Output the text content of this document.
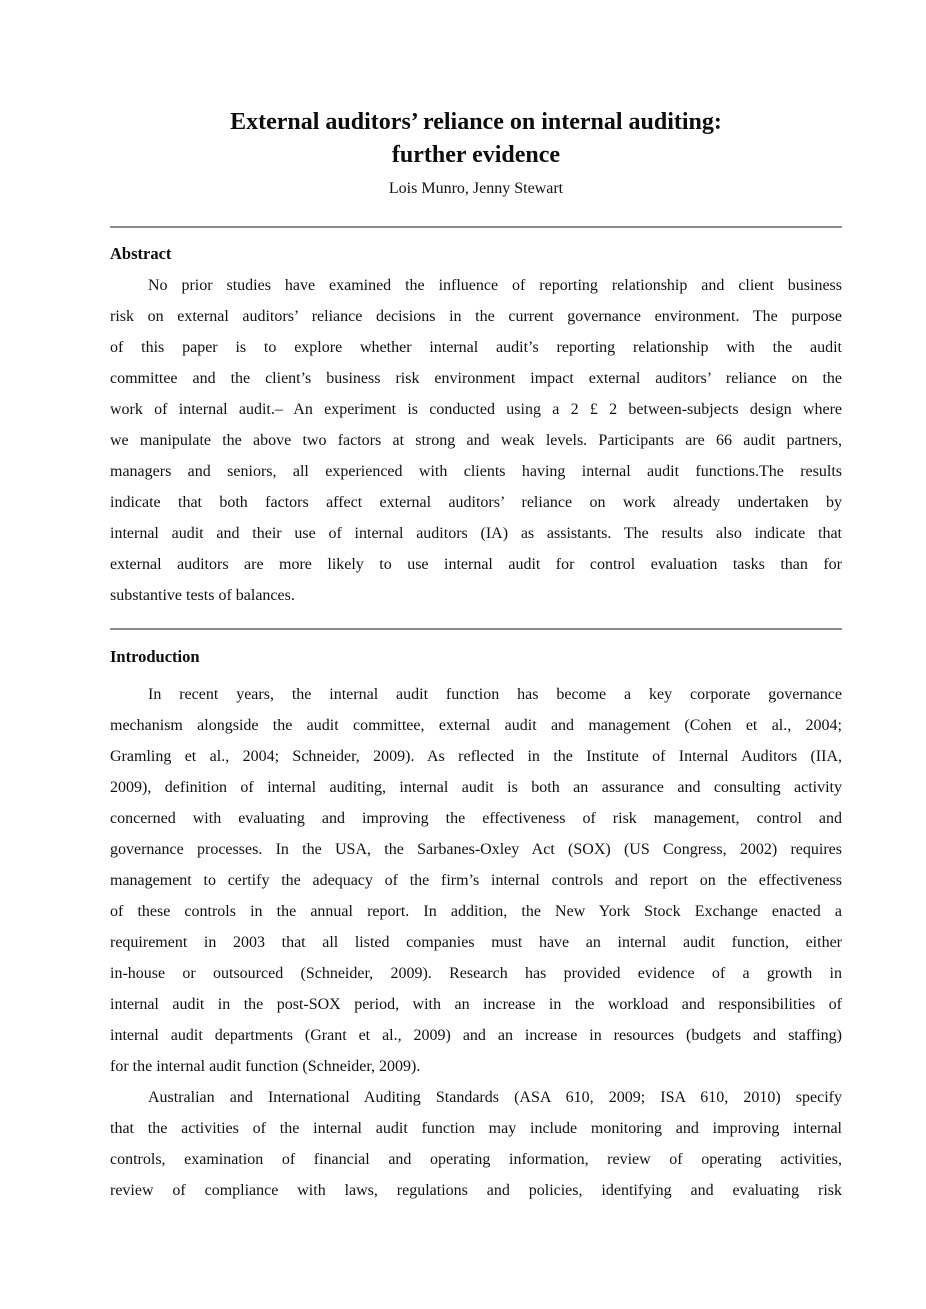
External auditors’ reliance on internal auditing:
further evidence
Lois Munro, Jenny Stewart
Abstract
No prior studies have examined the influence of reporting relationship and client business
risk on external auditors’ reliance decisions in the current governance environment. The purpose
of this paper is to explore whether internal audit’s reporting relationship with the audit
committee and the client’s business risk environment impact external auditors’ reliance on the
work of internal audit.– An experiment is conducted using a 2 £ 2 between-subjects design where
we manipulate the above two factors at strong and weak levels. Participants are 66 audit partners,
managers and seniors, all experienced with clients having internal audit functions.The results
indicate that both factors affect external auditors’ reliance on work already undertaken by
internal audit and their use of internal auditors (IA) as assistants. The results also indicate that
external auditors are more likely to use internal audit for control evaluation tasks than for
substantive tests of balances.
Introduction
In recent years, the internal audit function has become a key corporate governance
mechanism alongside the audit committee, external audit and management (Cohen et al., 2004;
Gramling et al., 2004; Schneider, 2009). As reflected in the Institute of Internal Auditors (IIA,
2009), definition of internal auditing, internal audit is both an assurance and consulting activity
concerned with evaluating and improving the effectiveness of risk management, control and
governance processes. In the USA, the Sarbanes-Oxley Act (SOX) (US Congress, 2002) requires
management to certify the adequacy of the firm’s internal controls and report on the effectiveness
of these controls in the annual report. In addition, the New York Stock Exchange enacted a
requirement in 2003 that all listed companies must have an internal audit function, either
in-house or outsourced (Schneider, 2009). Research has provided evidence of a growth in
internal audit in the post-SOX period, with an increase in the workload and responsibilities of
internal audit departments (Grant et al., 2009) and an increase in resources (budgets and staffing)
for the internal audit function (Schneider, 2009).
Australian and International Auditing Standards (ASA 610, 2009; ISA 610, 2010) specify
that the activities of the internal audit function may include monitoring and improving internal
controls, examination of financial and operating information, review of operating activities,
review of compliance with laws, regulations and policies, identifying and evaluating risk
